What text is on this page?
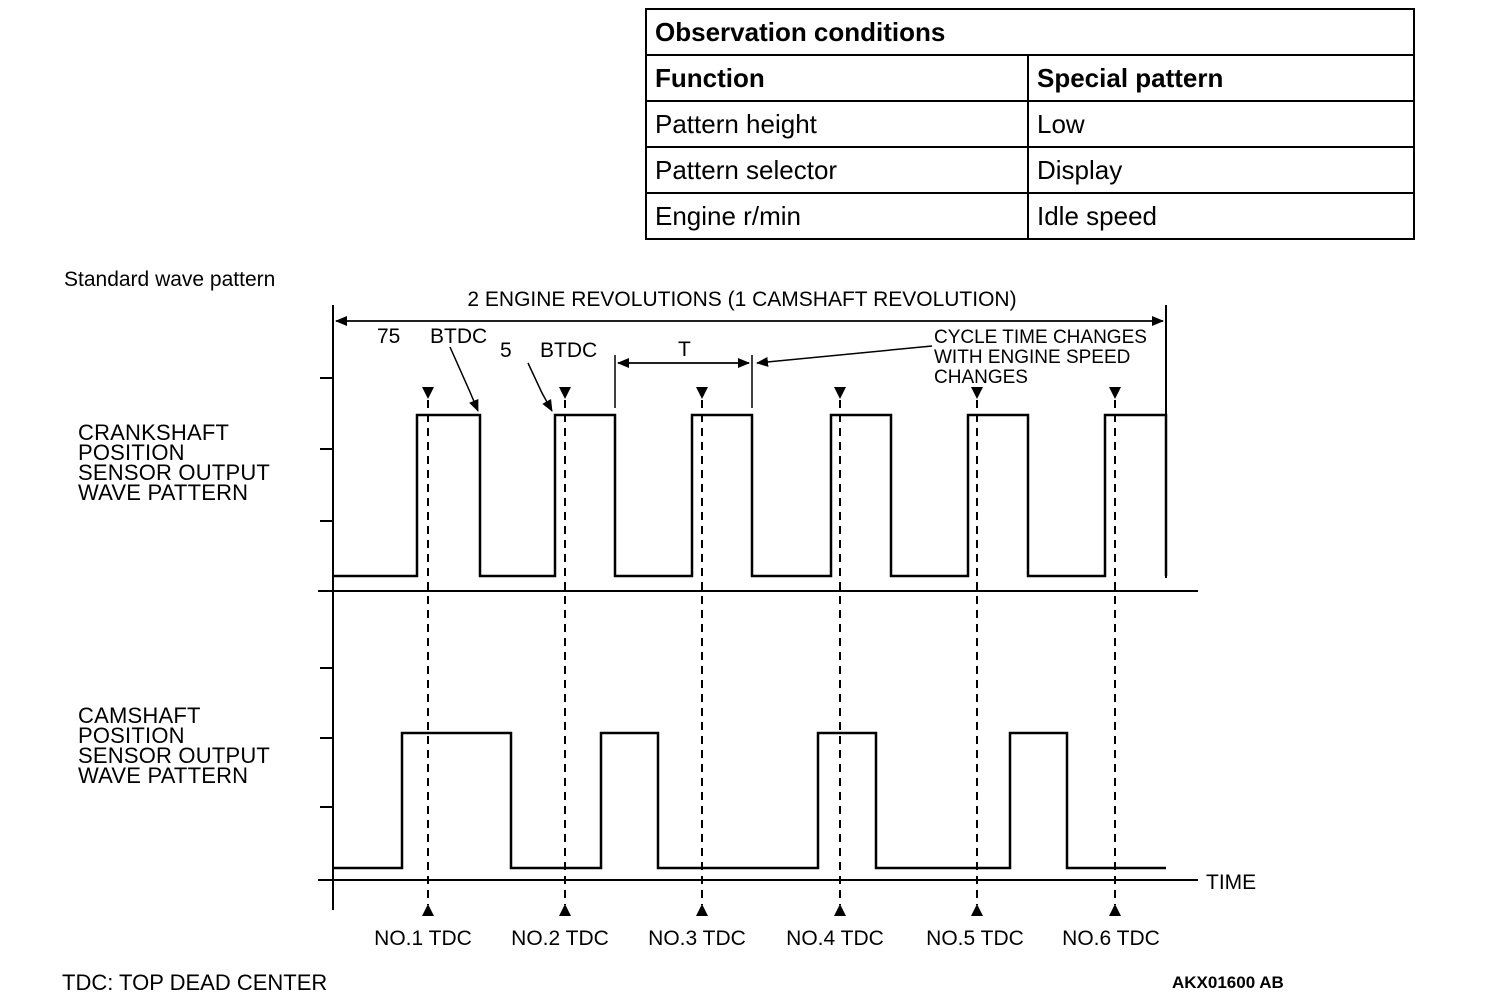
Observation conditions	
Function	Special pattern
Pattern height	Low
Pattern selector	Display
Engine r/min	Idle speed
Standard wave pattern
CRANKSHAFT
POSITION
SENSOR OUTPUT
WAVE PATTERN
CAMSHAFT
POSITION
SENSOR OUTPUT
WAVE PATTERN
TIME
2 ENGINE REVOLUTIONS (1 CAMSHAFT REVOLUTION)
NO.1 TDC NO.2 TDC NO.3 TDC NO.4 TDC NO.5 TDC NO.6 TDC
75 BTDC
5 BTDC	T
CYCLE TIME CHANGES
WITH ENGINE SPEED
CHANGES
TDC: TOP DEAD CENTER	AKX01600 AB
